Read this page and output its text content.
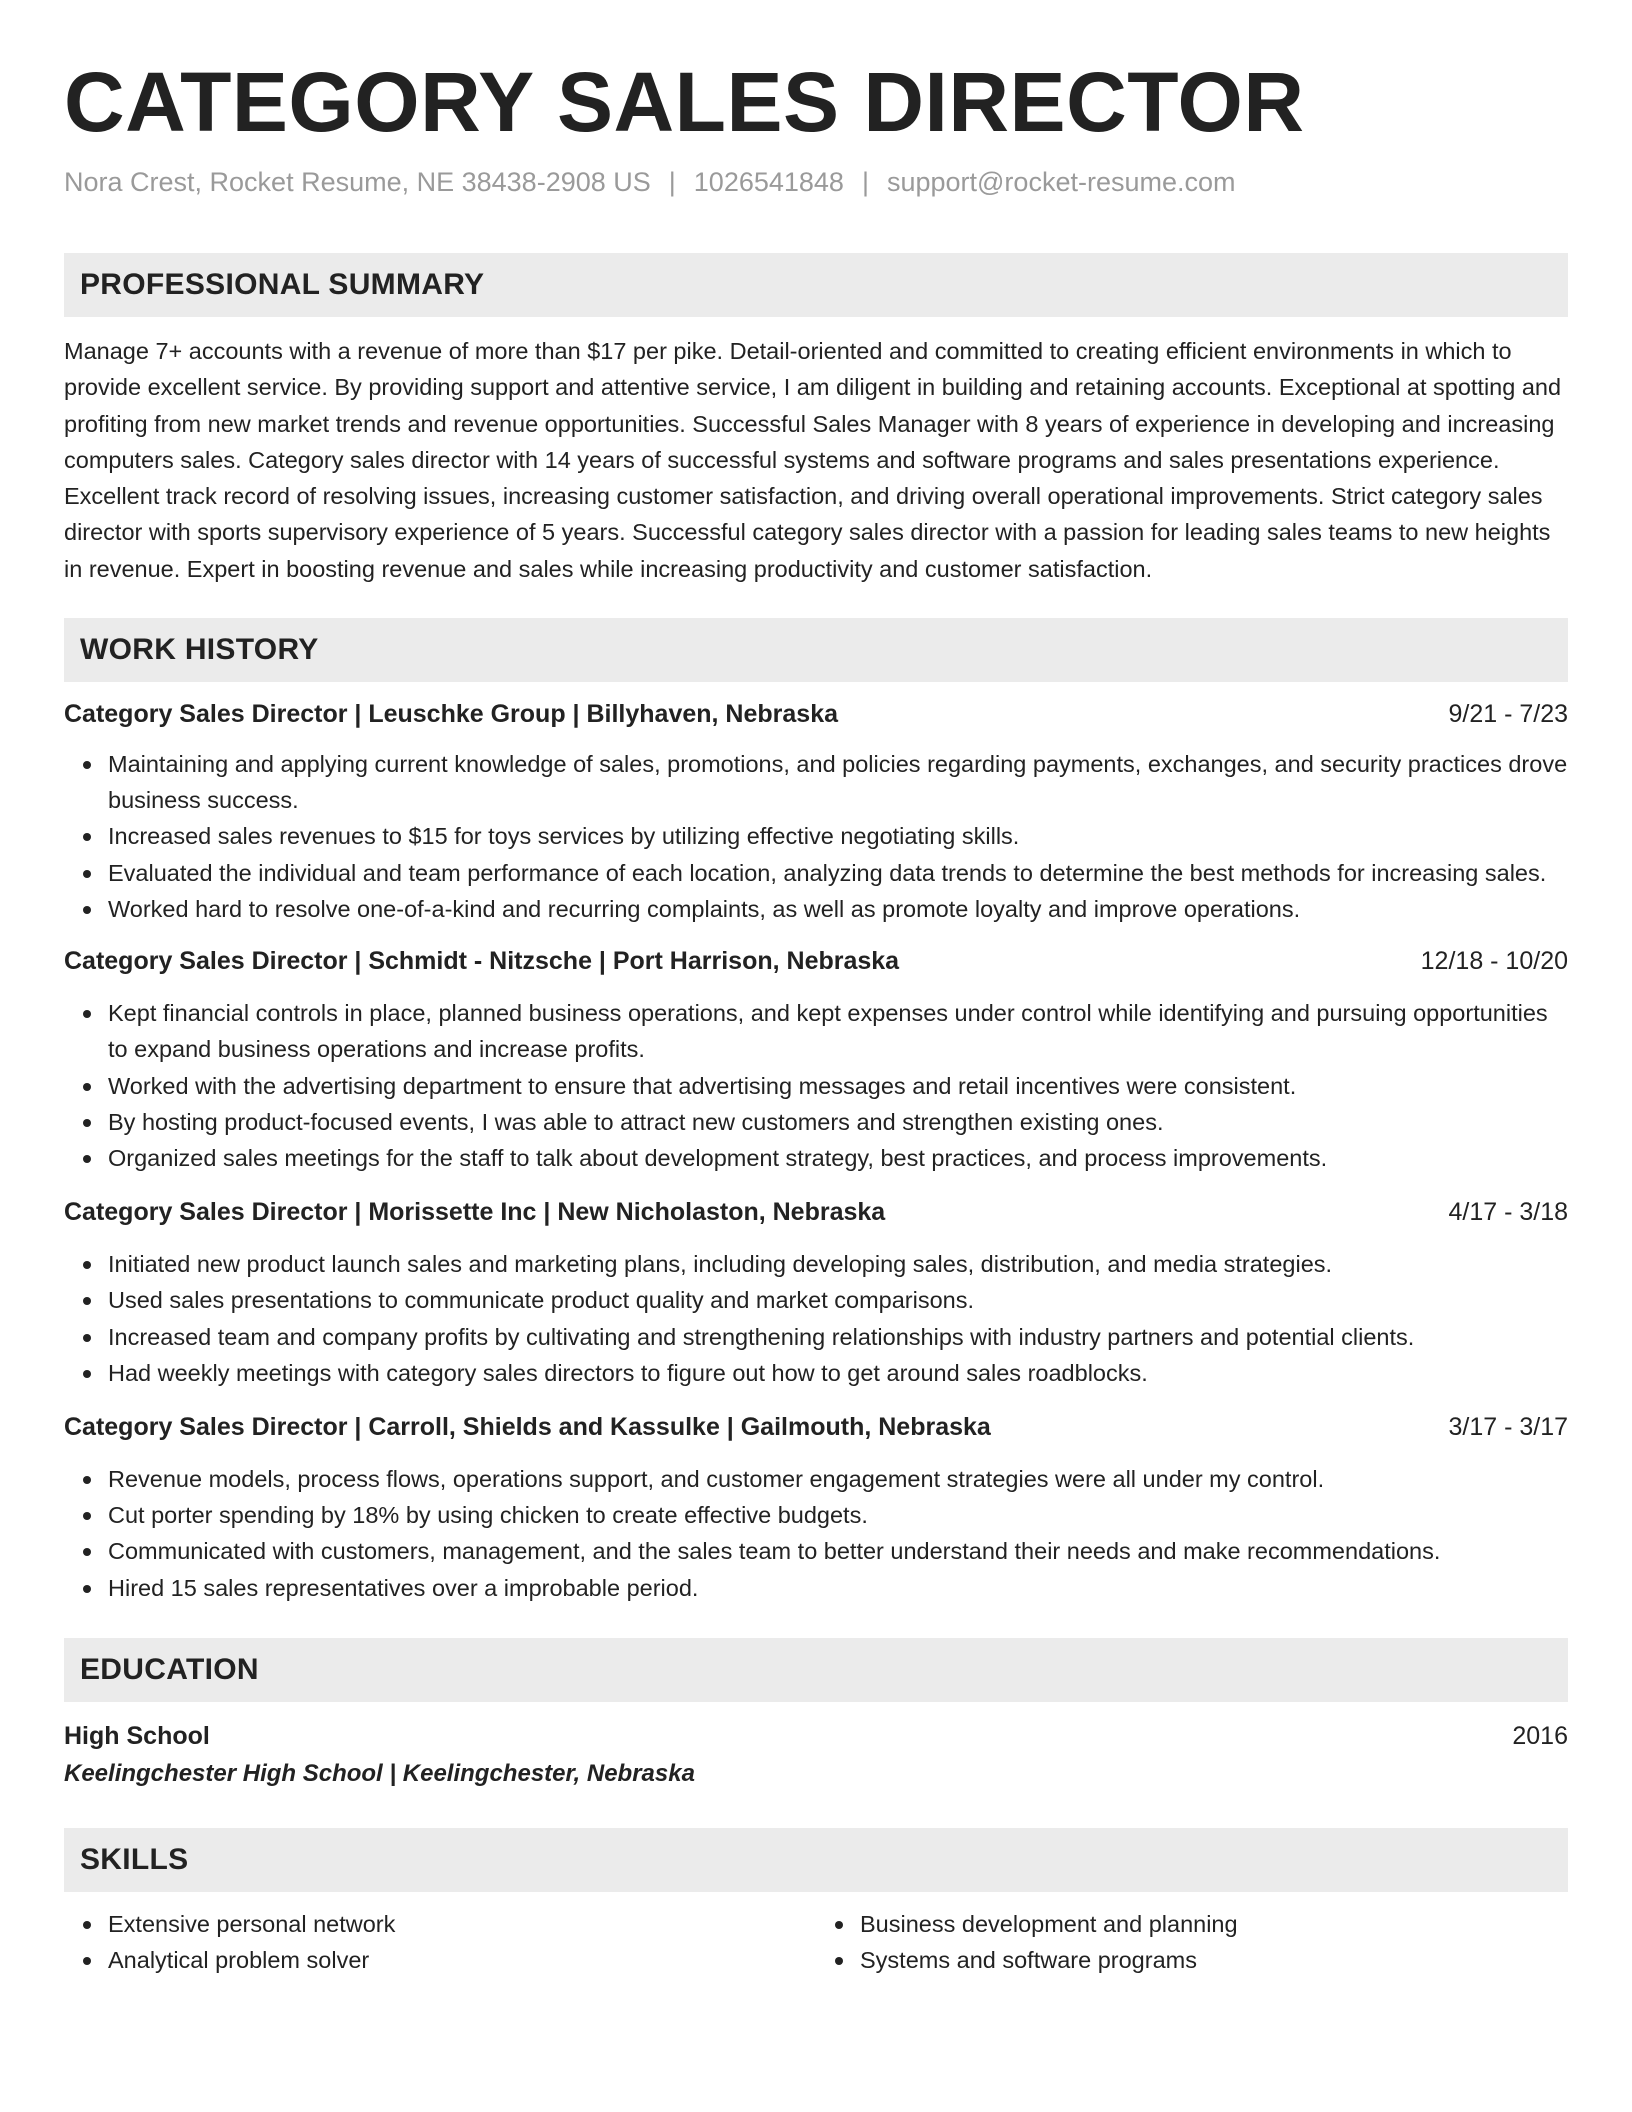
CATEGORY SALES DIRECTOR
Nora Crest, Rocket Resume, NE 38438-2908 US | 1026541848 | support@rocket-resume.com
PROFESSIONAL SUMMARY

Manage 7+ accounts with a revenue of more than $17 per pike. Detail-oriented and committed to creating efficient environments in which to provide excellent service. By providing support and attentive service, I am diligent in building and retaining accounts. Exceptional at spotting and profiting from new market trends and revenue opportunities. Successful Sales Manager with 8 years of experience in developing and increasing computers sales. Category sales director with 14 years of successful systems and software programs and sales presentations experience. Excellent track record of resolving issues, increasing customer satisfaction, and driving overall operational improvements. Strict category sales director with sports supervisory experience of 5 years. Successful category sales director with a passion for leading sales teams to new heights in revenue. Expert in boosting revenue and sales while increasing productivity and customer satisfaction.

WORK HISTORY
Category Sales Director | Leuschke Group | Billyhaven, Nebraska	9/21 - 7/23
Maintaining and applying current knowledge of sales, promotions, and policies regarding payments, exchanges, and security practices drove business success.
Increased sales revenues to $15 for toys services by utilizing effective negotiating skills.
Evaluated the individual and team performance of each location, analyzing data trends to determine the best methods for increasing sales.
Worked hard to resolve one-of-a-kind and recurring complaints, as well as promote loyalty and improve operations.
Category Sales Director | Schmidt - Nitzsche | Port Harrison, Nebraska	12/18 - 10/20
Kept financial controls in place, planned business operations, and kept expenses under control while identifying and pursuing opportunities to expand business operations and increase profits.
Worked with the advertising department to ensure that advertising messages and retail incentives were consistent.
By hosting product-focused events, I was able to attract new customers and strengthen existing ones.
Organized sales meetings for the staff to talk about development strategy, best practices, and process improvements.
Category Sales Director | Morissette Inc | New Nicholaston, Nebraska	4/17 - 3/18
Initiated new product launch sales and marketing plans, including developing sales, distribution, and media strategies.
Used sales presentations to communicate product quality and market comparisons.
Increased team and company profits by cultivating and strengthening relationships with industry partners and potential clients.
Had weekly meetings with category sales directors to figure out how to get around sales roadblocks.
Category Sales Director | Carroll, Shields and Kassulke | Gailmouth, Nebraska	3/17 - 3/17
Revenue models, process flows, operations support, and customer engagement strategies were all under my control.
Cut porter spending by 18% by using chicken to create effective budgets.
Communicated with customers, management, and the sales team to better understand their needs and make recommendations.
Hired 15 sales representatives over a improbable period.
EDUCATION
High School	2016
Keelingchester High School | Keelingchester, Nebraska
SKILLS
Extensive personal network
Analytical problem solver
Business development and planning
Systems and software programs
